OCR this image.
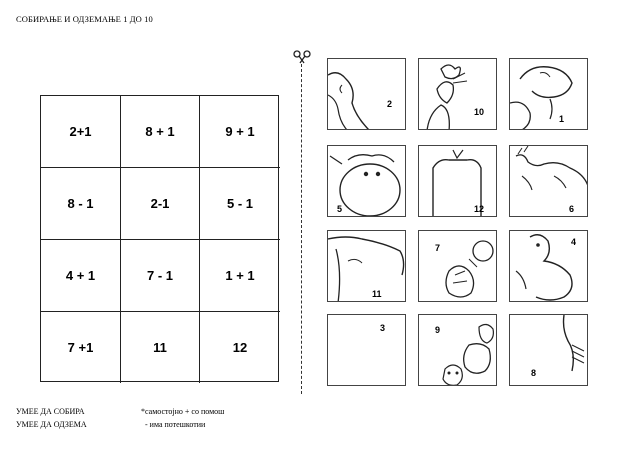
СОБИРАЊЕ И ОДЗЕМАЊЕ 1 ДО 10
2+1	8 + 1	9 + 1
8 - 1	2-1	5 - 1
4 + 1	7 - 1	1 + 1
7 +1	11	12
2
10
1
5	12	6
11
7
4
3	9
8
УМЕЕ ДА СОБИРА	*самостојно + со помош
УМЕЕ ДА ОДЗЕМА	- има потешкотии
